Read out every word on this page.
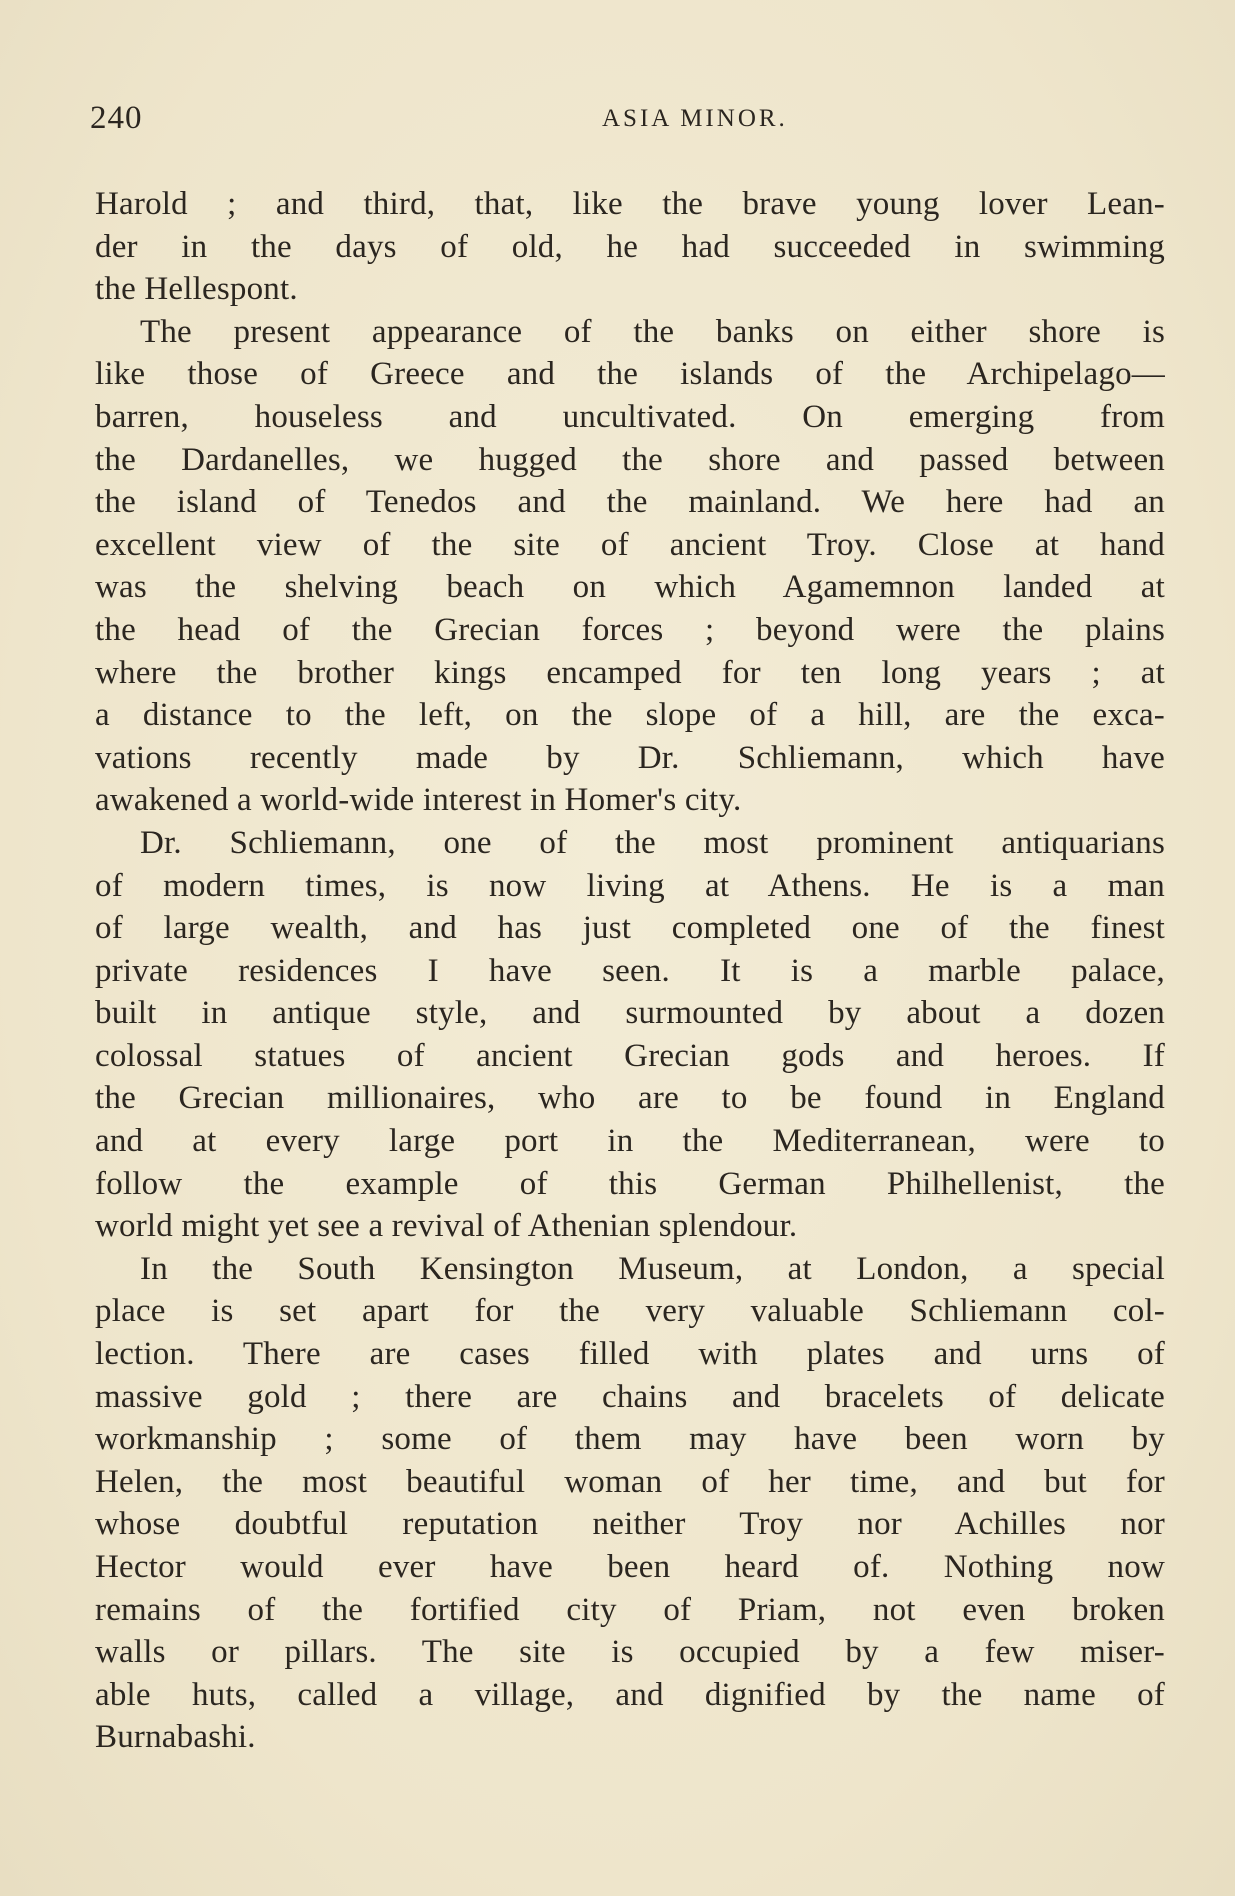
240	ASIA MINOR.
Harold ; and third, that, like the brave young lover Lean-
der in the days of old, he had succeeded in swimming
the Hellespont.
The present appearance of the banks on either shore is
like those of Greece and the islands of the Archipelago—
barren, houseless and uncultivated. On emerging from
the Dardanelles, we hugged the shore and passed between
the island of Tenedos and the mainland. We here had an
excellent view of the site of ancient Troy. Close at hand
was the shelving beach on which Agamemnon landed at
the head of the Grecian forces ; beyond were the plains
where the brother kings encamped for ten long years ; at
a distance to the left, on the slope of a hill, are the exca-
vations recently made by Dr. Schliemann, which have
awakened a world-wide interest in Homer's city.
Dr. Schliemann, one of the most prominent antiquarians
of modern times, is now living at Athens. He is a man
of large wealth, and has just completed one of the finest
private residences I have seen. It is a marble palace,
built in antique style, and surmounted by about a dozen
colossal statues of ancient Grecian gods and heroes. If
the Grecian millionaires, who are to be found in England
and at every large port in the Mediterranean, were to
follow the example of this German Philhellenist, the
world might yet see a revival of Athenian splendour.
In the South Kensington Museum, at London, a special
place is set apart for the very valuable Schliemann col-
lection. There are cases filled with plates and urns of
massive gold ; there are chains and bracelets of delicate
workmanship ; some of them may have been worn by
Helen, the most beautiful woman of her time, and but for
whose doubtful reputation neither Troy nor Achilles nor
Hector would ever have been heard of. Nothing now
remains of the fortified city of Priam, not even broken
walls or pillars. The site is occupied by a few miser-
able huts, called a village, and dignified by the name of
Burnabashi.
